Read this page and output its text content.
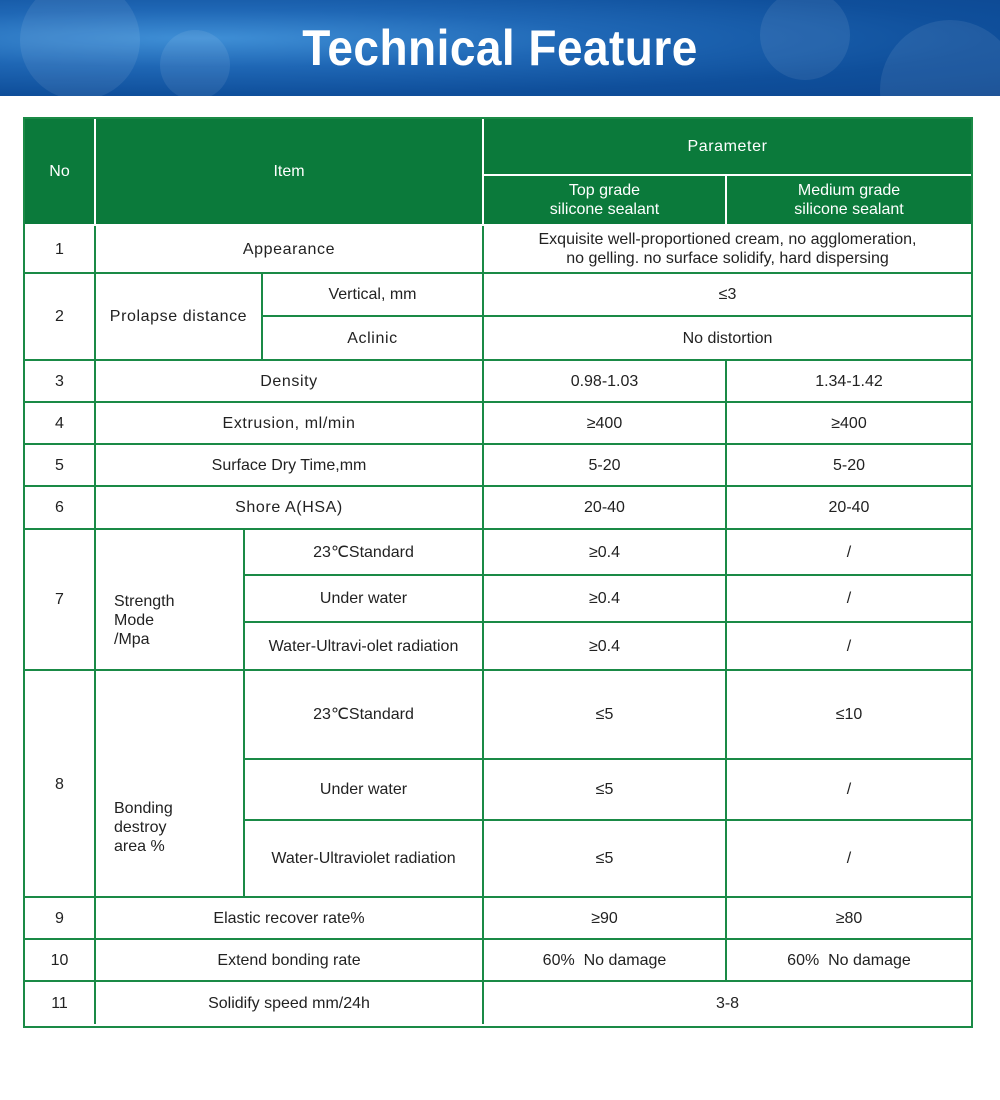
Technical Feature
No	Item
Parameter
Top grade
silicone sealant
Medium grade
silicone sealant
1	Appearance
Exquisite well-proportioned cream, no agglomeration,
no gelling. no surface solidify, hard dispersing
2	Prolapse distance
Vertical, mm	≤3
Aclinic	No distortion
3	Density	0.98-1.03	1.34-1.42
4	Extrusion, ml/min	≥400	≥400
5	Surface Dry Time,mm	5-20	5-20
6	Shore A(HSA)	20-40	20-40
7	Strength
Mode
/Mpa
23℃Standard	≥0.4	/
Under water	≥0.4	/
Water-Ultravi-olet radiation	≥0.4	/
8
Bonding
destroy
area %
23℃Standard	≤5	≤10
Under water	≤5	/
Water-Ultraviolet radiation	≤5	/
9	Elastic recover rate%	≥90	≥80
10	Extend bonding rate	60%  No damage	60%  No damage
11	Solidify speed mm/24h	3-8
